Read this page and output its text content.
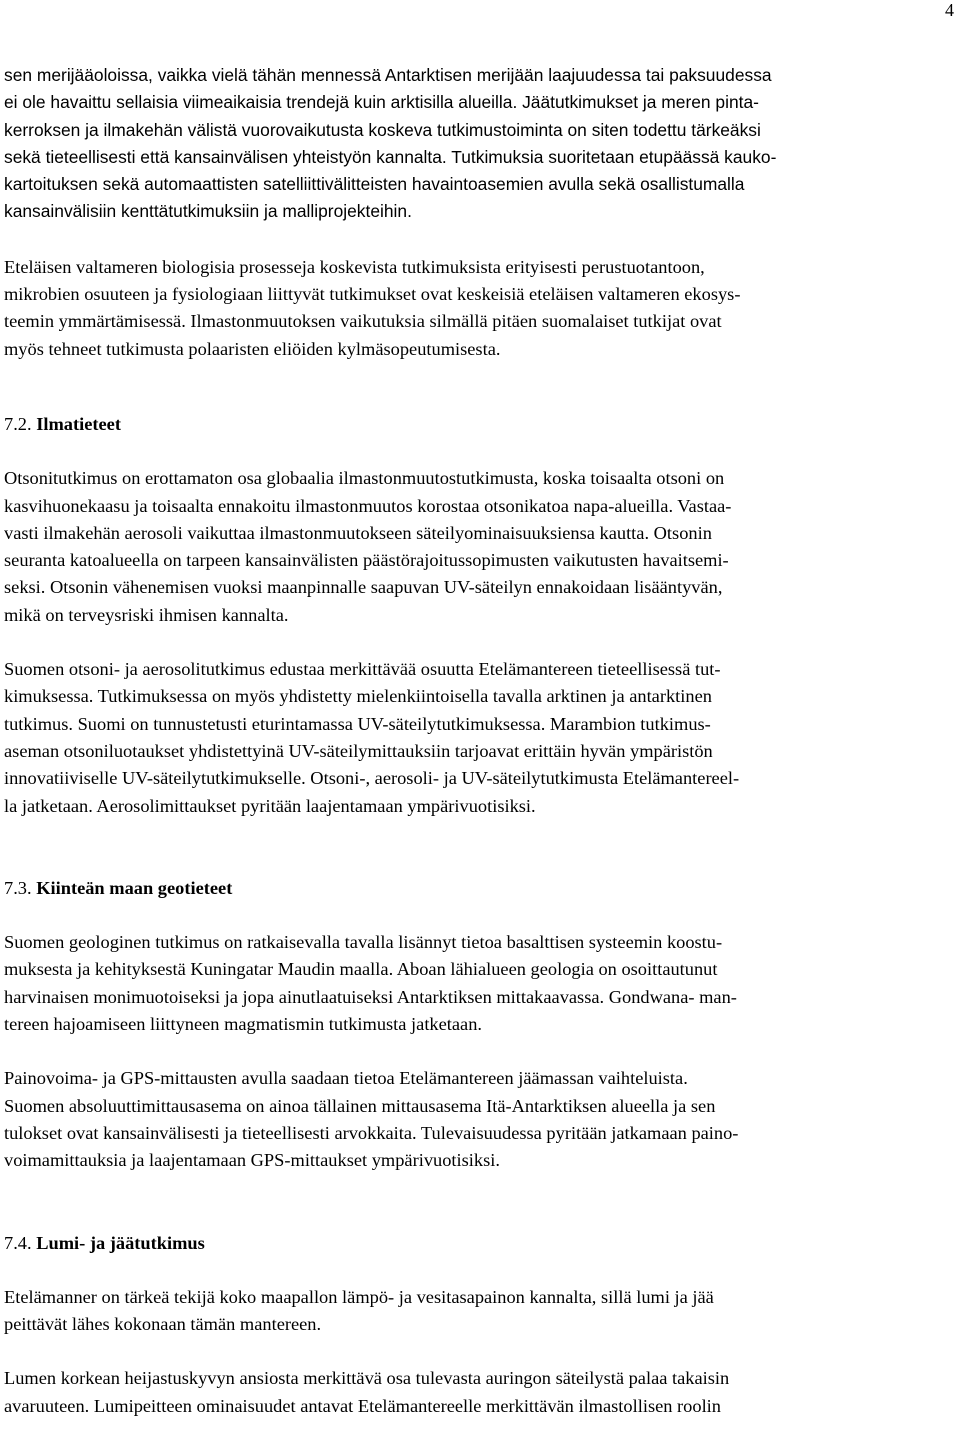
4
sen merijääoloissa, vaikka vielä tähän mennessä Antarktisen merijään laajuudessa tai paksuudessa
ei ole havaittu sellaisia viimeaikaisia trendejä kuin arktisilla alueilla. Jäätutkimukset ja meren pinta-
kerroksen ja ilmakehän välistä vuorovaikutusta koskeva tutkimustoiminta on siten todettu tärkeäksi
sekä tieteellisesti että kansainvälisen yhteistyön kannalta. Tutkimuksia suoritetaan etupäässä kauko-
kartoituksen sekä automaattisten satelliittivälitteisten havaintoasemien avulla sekä osallistumalla
kansainvälisiin kenttätutkimuksiin ja malliprojekteihin.
Eteläisen valtameren biologisia prosesseja koskevista tutkimuksista erityisesti perustuotantoon,
mikrobien osuuteen ja fysiologiaan liittyvät tutkimukset ovat keskeisiä eteläisen valtameren ekosys-
teemin ymmärtämisessä. Ilmastonmuutoksen vaikutuksia silmällä pitäen suomalaiset tutkijat ovat
myös tehneet tutkimusta polaaristen eliöiden kylmäsopeutumisesta.
7.2. Ilmatieteet
Otsonitutkimus on erottamaton osa globaalia ilmastonmuutostutkimusta, koska toisaalta otsoni on
kasvihuonekaasu ja toisaalta ennakoitu ilmastonmuutos korostaa otsonikatoa napa-alueilla. Vastaa-
vasti ilmakehän aerosoli vaikuttaa ilmastonmuutokseen säteilyominaisuuksiensa kautta. Otsonin
seuranta katoalueella on tarpeen kansainvälisten päästörajoitussopimusten vaikutusten havaitsemi-
seksi. Otsonin vähenemisen vuoksi maanpinnalle saapuvan UV-säteilyn ennakoidaan lisääntyvän,
mikä on terveysriski ihmisen kannalta.
Suomen otsoni- ja aerosolitutkimus edustaa merkittävää osuutta Etelämantereen tieteellisessä tut-
kimuksessa. Tutkimuksessa on myös yhdistetty mielenkiintoisella tavalla arktinen ja antarktinen
tutkimus. Suomi on tunnustetusti eturintamassa UV-säteilytutkimuksessa. Marambion tutkimus-
aseman otsoniluotaukset yhdistettyinä UV-säteilymittauksiin tarjoavat erittäin hyvän ympäristön
innovatiiviselle UV-säteilytutkimukselle. Otsoni-, aerosoli- ja UV-säteilytutkimusta Etelämantereel-
la jatketaan. Aerosolimittaukset pyritään laajentamaan ympärivuotisiksi.
7.3. Kiinteän maan geotieteet
Suomen geologinen tutkimus on ratkaisevalla tavalla lisännyt tietoa basalttisen systeemin koostu-
muksesta ja kehityksestä Kuningatar Maudin maalla. Aboan lähialueen geologia on osoittautunut
harvinaisen monimuotoiseksi ja jopa ainutlaatuiseksi Antarktiksen mittakaavassa. Gondwana- man-
tereen hajoamiseen liittyneen magmatismin tutkimusta jatketaan.
Painovoima- ja GPS-mittausten avulla saadaan tietoa Etelämantereen jäämassan vaihteluista.
Suomen absoluuttimittausasema on ainoa tällainen mittausasema Itä-Antarktiksen alueella ja sen
tulokset ovat kansainvälisesti ja tieteellisesti arvokkaita. Tulevaisuudessa pyritään jatkamaan paino-
voimamittauksia ja laajentamaan GPS-mittaukset ympärivuotisiksi.
7.4. Lumi- ja jäätutkimus
Etelämanner on tärkeä tekijä koko maapallon lämpö- ja vesitasapainon kannalta, sillä lumi ja jää
peittävät lähes kokonaan tämän mantereen.
Lumen korkean heijastuskyvyn ansiosta merkittävä osa tulevasta auringon säteilystä palaa takaisin
avaruuteen. Lumipeitteen ominaisuudet antavat Etelämantereelle merkittävän ilmastollisen roolin
